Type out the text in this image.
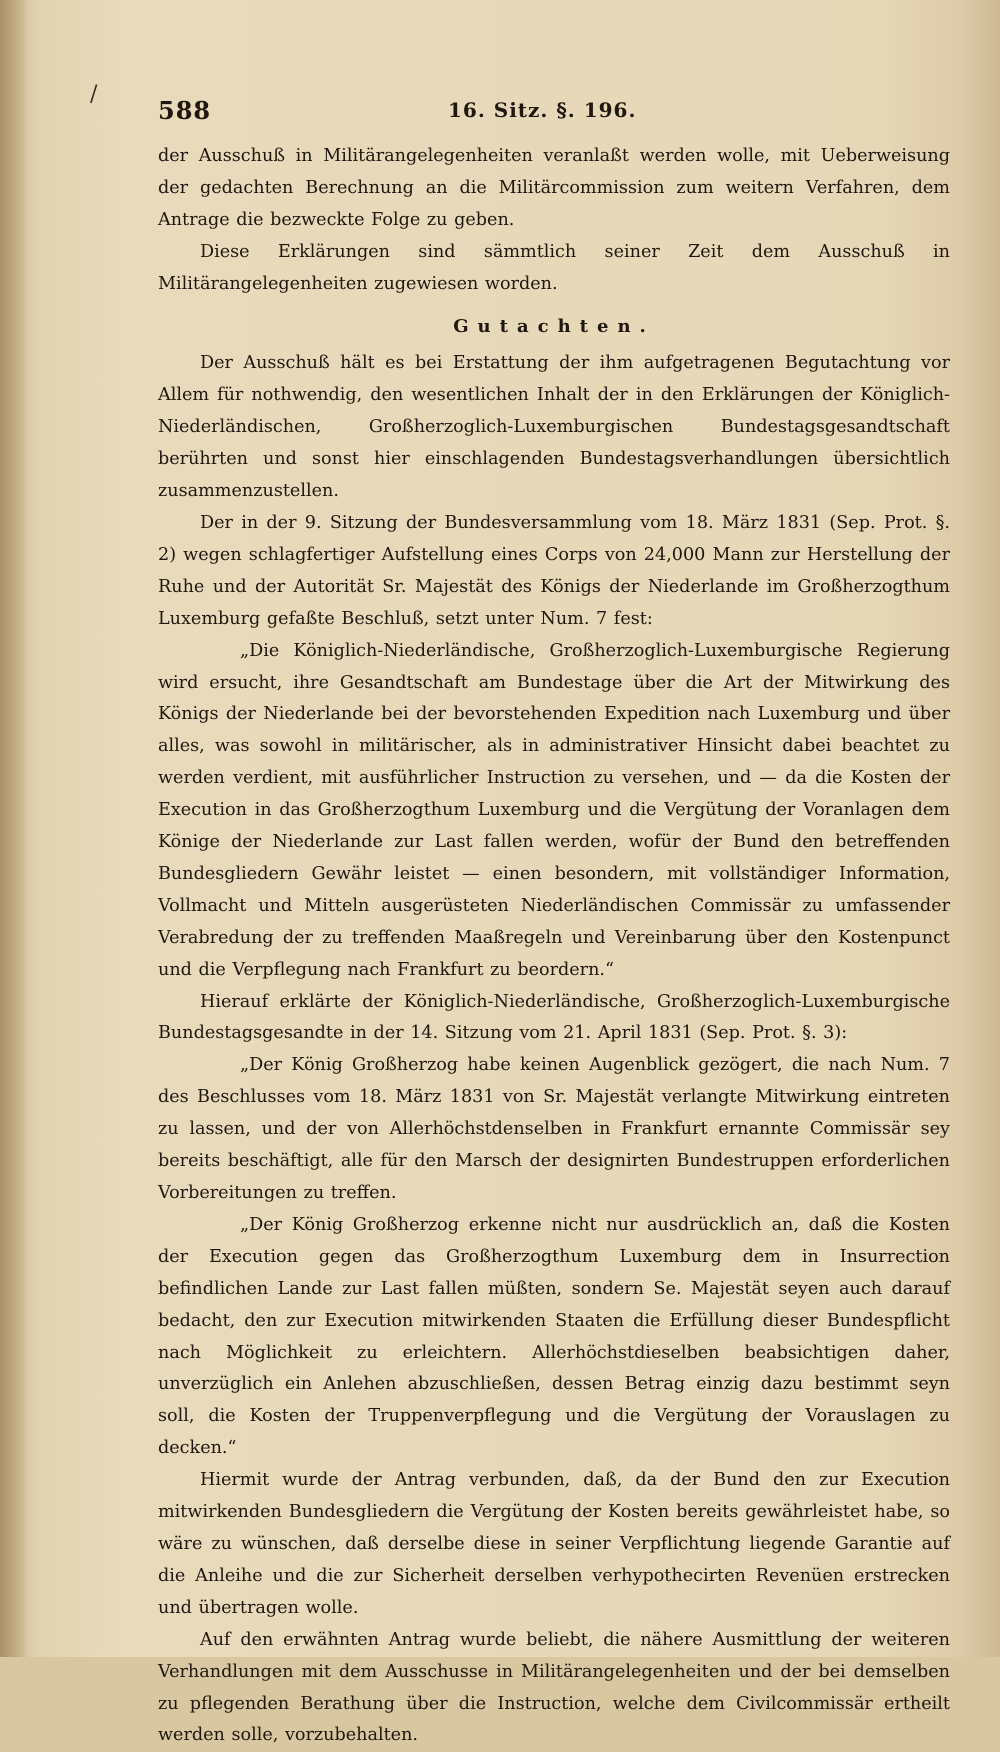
/
588	16. Sitz. §. 196.

der Ausschuß in Militärangelegenheiten veranlaßt werden wolle, mit Ueberweisung der gedachten Berechnung an die Militärcommission zum weitern Verfahren, dem Antrage die bezweckte Folge zu geben.

Diese Erklärungen sind sämmtlich seiner Zeit dem Ausschuß in Militärangelegenheiten zugewiesen worden.

Gutachten.

Der Ausschuß hält es bei Erstattung der ihm aufgetragenen Begutachtung vor Allem für nothwendig, den wesentlichen Inhalt der in den Erklärungen der Königlich-Niederländischen, Großherzoglich-Luxemburgischen Bundestagsgesandtschaft berührten und sonst hier einschlagenden Bundestagsverhandlungen übersichtlich zusammenzustellen.

Der in der 9. Sitzung der Bundesversammlung vom 18. März 1831 (Sep. Prot. §. 2) wegen schlagfertiger Aufstellung eines Corps von 24,000 Mann zur Herstellung der Ruhe und der Autorität Sr. Majestät des Königs der Niederlande im Großherzogthum Luxemburg gefaßte Beschluß, setzt unter Num. 7 fest:

„Die Königlich-Niederländische, Großherzoglich-Luxemburgische Regierung wird ersucht, ihre Gesandtschaft am Bundestage über die Art der Mitwirkung des Königs der Niederlande bei der bevorstehenden Expedition nach Luxemburg und über alles, was sowohl in militärischer, als in administrativer Hinsicht dabei beachtet zu werden verdient, mit ausführlicher Instruction zu versehen, und — da die Kosten der Execution in das Großherzogthum Luxemburg und die Vergütung der Voranlagen dem Könige der Niederlande zur Last fallen werden, wofür der Bund den betreffenden Bundesgliedern Gewähr leistet — einen besondern, mit vollständiger Information, Vollmacht und Mitteln ausgerüsteten Niederländischen Commissär zu umfassender Verabredung der zu treffenden Maaßregeln und Vereinbarung über den Kostenpunct und die Verpflegung nach Frankfurt zu beordern.“

Hierauf erklärte der Königlich-Niederländische, Großherzoglich-Luxemburgische Bundestagsgesandte in der 14. Sitzung vom 21. April 1831 (Sep. Prot. §. 3):

„Der König Großherzog habe keinen Augenblick gezögert, die nach Num. 7 des Beschlusses vom 18. März 1831 von Sr. Majestät verlangte Mitwirkung eintreten zu lassen, und der von Allerhöchstdenselben in Frankfurt ernannte Commissär sey bereits beschäftigt, alle für den Marsch der designirten Bundestruppen erforderlichen Vorbereitungen zu treffen.

„Der König Großherzog erkenne nicht nur ausdrücklich an, daß die Kosten der Execution gegen das Großherzogthum Luxemburg dem in Insurrection befindlichen Lande zur Last fallen müßten, sondern Se. Majestät seyen auch darauf bedacht, den zur Execution mitwirkenden Staaten die Erfüllung dieser Bundespflicht nach Möglichkeit zu erleichtern. Allerhöchstdieselben beabsichtigen daher, unverzüglich ein Anlehen abzuschließen, dessen Betrag einzig dazu bestimmt seyn soll, die Kosten der Truppenverpflegung und die Vergütung der Vorauslagen zu decken.“

Hiermit wurde der Antrag verbunden, daß, da der Bund den zur Execution mitwirkenden Bundesgliedern die Vergütung der Kosten bereits gewährleistet habe, so wäre zu wünschen, daß derselbe diese in seiner Verpflichtung liegende Garantie auf die Anleihe und die zur Sicherheit derselben verhypothecirten Revenüen erstrecken und übertragen wolle.

Auf den erwähnten Antrag wurde beliebt, die nähere Ausmittlung der weiteren Verhandlungen mit dem Ausschusse in Militärangelegenheiten und der bei demselben zu pflegenden Berathung über die Instruction, welche dem Civilcommissär ertheilt werden solle, vorzubehalten.
